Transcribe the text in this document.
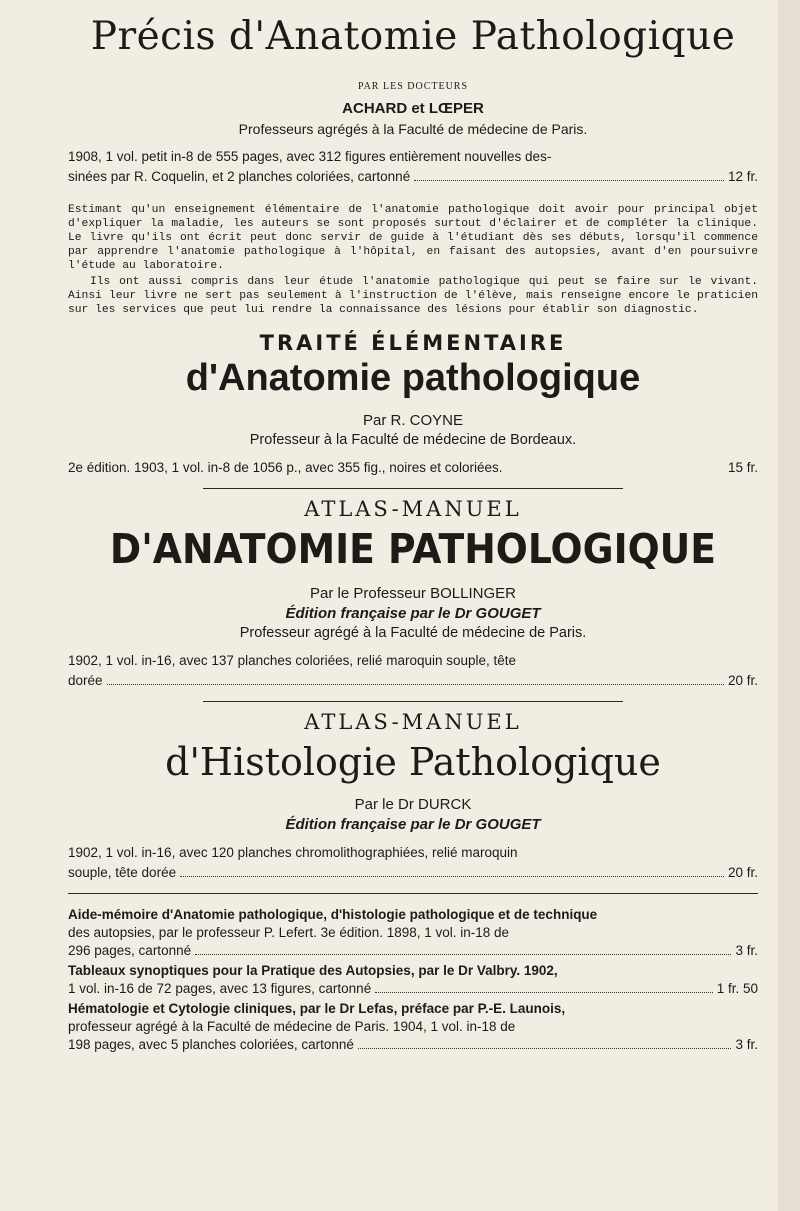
Précis d'Anatomie Pathologique
PAR LES DOCTEURS
ACHARD et LŒPER
Professeurs agrégés à la Faculté de médecine de Paris.
1908, 1 vol. petit in-8 de 555 pages, avec 312 figures entièrement nouvelles des-
sinées par R. Coquelin, et 2 planches coloriées, cartonné	12 fr.

Estimant qu'un enseignement élémentaire de l'anatomie pathologique doit avoir pour principal objet d'expliquer la maladie, les auteurs se sont proposés surtout d'éclairer et de compléter la clinique. Le livre qu'ils ont écrit peut donc servir de guide à l'étudiant dès ses débuts, lorsqu'il commence par apprendre l'anatomie pathologique à l'hôpital, en faisant des autopsies, avant d'en poursuivre l'étude au laboratoire.

Ils ont aussi compris dans leur étude l'anatomie pathologique qui peut se faire sur le vivant. Ainsi leur livre ne sert pas seulement à l'instruction de l'élève, mais renseigne encore le praticien sur les services que peut lui rendre la connaissance des lésions pour établir son diagnostic.

TRAITÉ ÉLÉMENTAIRE
d'Anatomie pathologique
Par R. COYNE
Professeur à la Faculté de médecine de Bordeaux.
2e édition. 1903, 1 vol. in-8 de 1056 p., avec 355 fig., noires et coloriées.	15 fr.
ATLAS-MANUEL
D'ANATOMIE PATHOLOGIQUE
Par le Professeur BOLLINGER
Édition française par le Dr GOUGET
Professeur agrégé à la Faculté de médecine de Paris.
1902, 1 vol. in-16, avec 137 planches coloriées, relié maroquin souple, tête
dorée	20 fr.
ATLAS-MANUEL
d'Histologie Pathologique
Par le Dr DURCK
Édition française par le Dr GOUGET
1902, 1 vol. in-16, avec 120 planches chromolithographiées, relié maroquin
souple, tête dorée	20 fr.
Aide-mémoire d'Anatomie pathologique, d'histologie pathologique et de technique
des autopsies, par le professeur P. Lefert. 3e édition. 1898, 1 vol. in-18 de
296 pages, cartonné	3 fr.
Tableaux synoptiques pour la Pratique des Autopsies, par le Dr Valbry. 1902,
1 vol. in-16 de 72 pages, avec 13 figures, cartonné	1 fr. 50
Hématologie et Cytologie cliniques, par le Dr Lefas, préface par P.-E. Launois,
professeur agrégé à la Faculté de médecine de Paris. 1904, 1 vol. in-18 de
198 pages, avec 5 planches coloriées, cartonné	3 fr.
